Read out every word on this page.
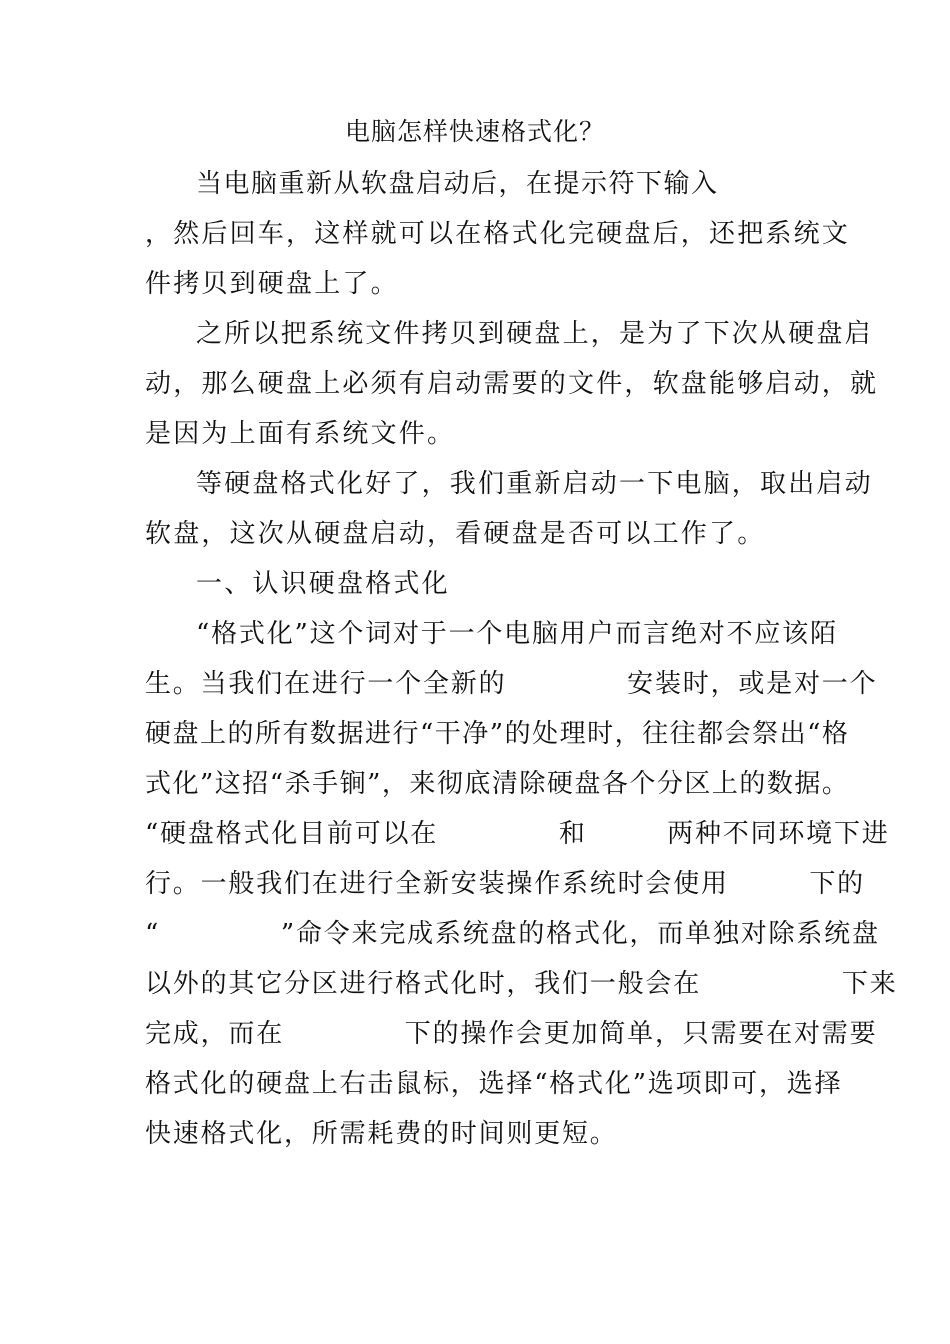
电脑怎样快速格式化？
当电脑重新从软盘启动后，在提示符下输入
，然后回车，这样就可以在格式化完硬盘后，还把系统文
件拷贝到硬盘上了。
之所以把系统文件拷贝到硬盘上，是为了下次从硬盘启
动，那么硬盘上必须有启动需要的文件，软盘能够启动，就
是因为上面有系统文件。
等硬盘格式化好了，我们重新启动一下电脑，取出启动
软盘，这次从硬盘启动，看硬盘是否可以工作了。
一、认识硬盘格式化
“格式化”这个词对于一个电脑用户而言绝对不应该陌
生。当我们在进行一个全新的            安装时，或是对一个
硬盘上的所有数据进行“干净”的处理时，往往都会祭出“格
式化”这招“杀手锏”，来彻底清除硬盘各个分区上的数据。
“硬盘格式化目前可以在            和        两种不同环境下进
行。一般我们在进行全新安装操作系统时会使用        下的
“            ”命令来完成系统盘的格式化，而单独对除系统盘
以外的其它分区进行格式化时，我们一般会在              下来
完成，而在            下的操作会更加简单，只需要在对需要
格式化的硬盘上右击鼠标，选择“格式化”选项即可，选择
快速格式化，所需耗费的时间则更短。
